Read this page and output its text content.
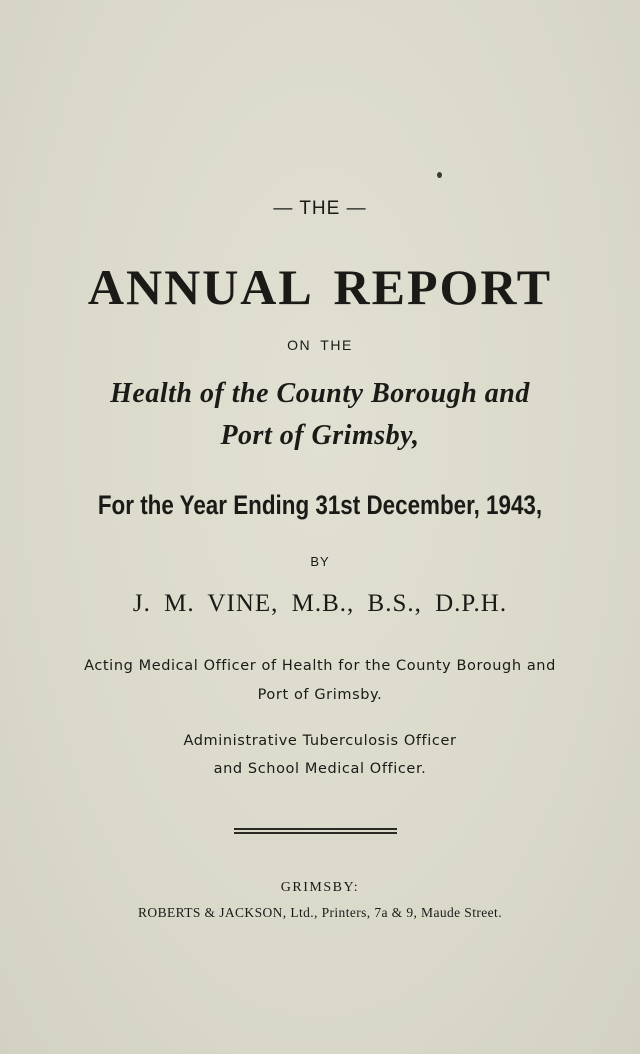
— THE —
ANNUAL REPORT
ON THE
Health of the County Borough and
Port of Grimsby,
For the Year Ending 31st December, 1943,
BY
J. M. VINE, M.B., B.S., D.P.H.
Acting Medical Officer of Health for the County Borough and
Port of Grimsby.
Administrative Tuberculosis Officer
and School Medical Officer.
GRIMSBY:
ROBERTS & JACKSON, Ltd., Printers, 7a & 9, Maude Street.
